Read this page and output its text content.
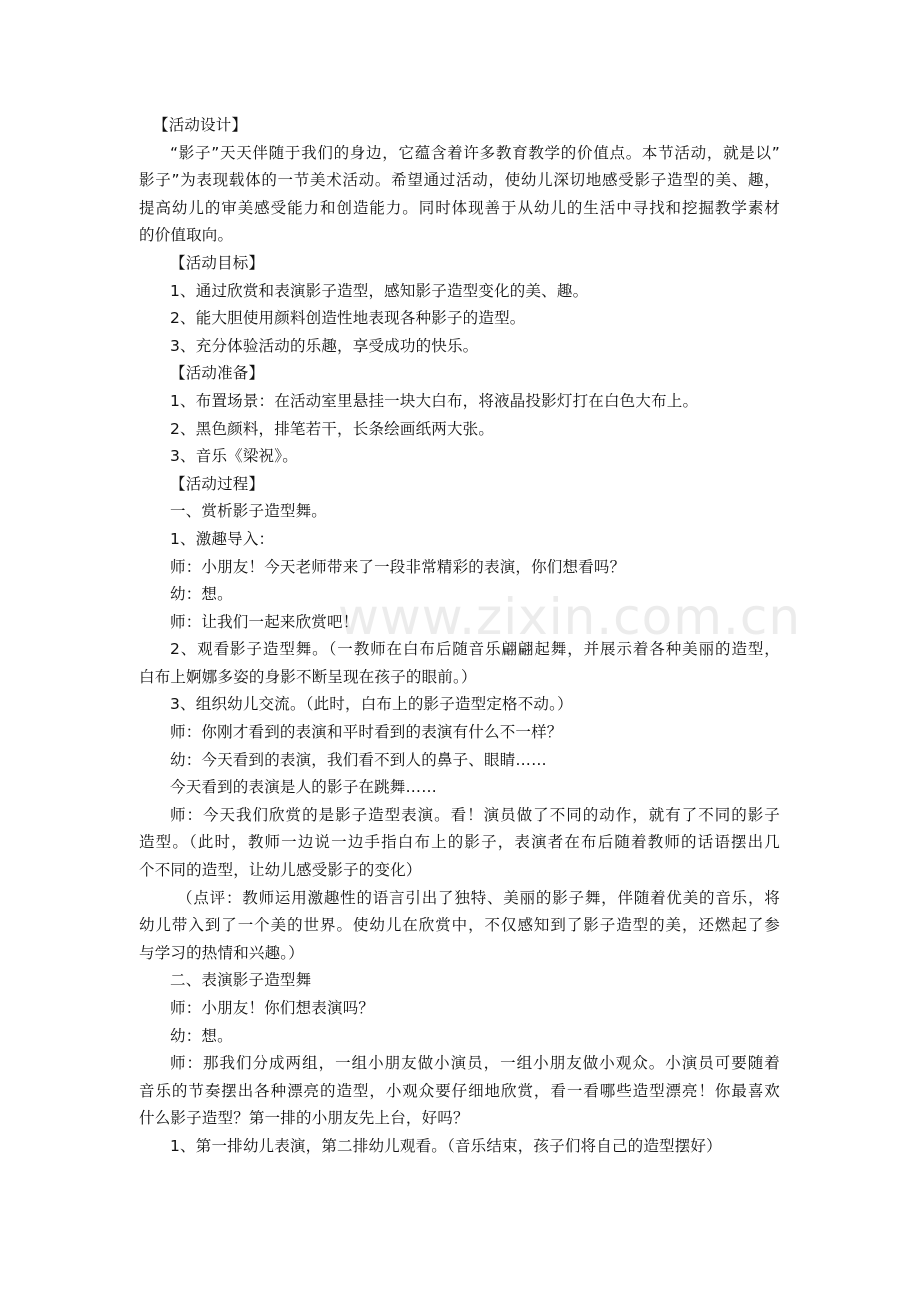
www.zixin.com.cn
【活动设计】
“影子”天天伴随于我们的身边，它蕴含着许多教育教学的价值点。本节活动，就是以”
影子”为表现载体的一节美术活动。希望通过活动，使幼儿深切地感受影子造型的美、趣，
提高幼儿的审美感受能力和创造能力。同时体现善于从幼儿的生活中寻找和挖掘教学素材
的价值取向。
【活动目标】
1、通过欣赏和表演影子造型，感知影子造型变化的美、趣。
2、能大胆使用颜料创造性地表现各种影子的造型。
3、充分体验活动的乐趣，享受成功的快乐。
【活动准备】
1、布置场景：在活动室里悬挂一块大白布，将液晶投影灯打在白色大布上。
2、黑色颜料，排笔若干，长条绘画纸两大张。
3、音乐《梁祝》。
【活动过程】
一、赏析影子造型舞。
1、激趣导入：
师：小朋友！今天老师带来了一段非常精彩的表演，你们想看吗？
幼：想。
师：让我们一起来欣赏吧！
2、观看影子造型舞。（一教师在白布后随音乐翩翩起舞，并展示着各种美丽的造型，
白布上婀娜多姿的身影不断呈现在孩子的眼前。）
3、组织幼儿交流。（此时，白布上的影子造型定格不动。）
师：你刚才看到的表演和平时看到的表演有什么不一样？
幼：今天看到的表演，我们看不到人的鼻子、眼睛……
今天看到的表演是人的影子在跳舞……
师：今天我们欣赏的是影子造型表演。看！演员做了不同的动作，就有了不同的影子
造型。（此时，教师一边说一边手指白布上的影子，表演者在布后随着教师的话语摆出几
个不同的造型，让幼儿感受影子的变化）
（点评：教师运用激趣性的语言引出了独特、美丽的影子舞，伴随着优美的音乐，将
幼儿带入到了一个美的世界。使幼儿在欣赏中，不仅感知到了影子造型的美，还燃起了参
与学习的热情和兴趣。）
二、表演影子造型舞
师：小朋友！你们想表演吗？
幼：想。
师：那我们分成两组，一组小朋友做小演员，一组小朋友做小观众。小演员可要随着
音乐的节奏摆出各种漂亮的造型，小观众要仔细地欣赏，看一看哪些造型漂亮！你最喜欢
什么影子造型？第一排的小朋友先上台，好吗？
1、第一排幼儿表演，第二排幼儿观看。（音乐结束，孩子们将自己的造型摆好）
